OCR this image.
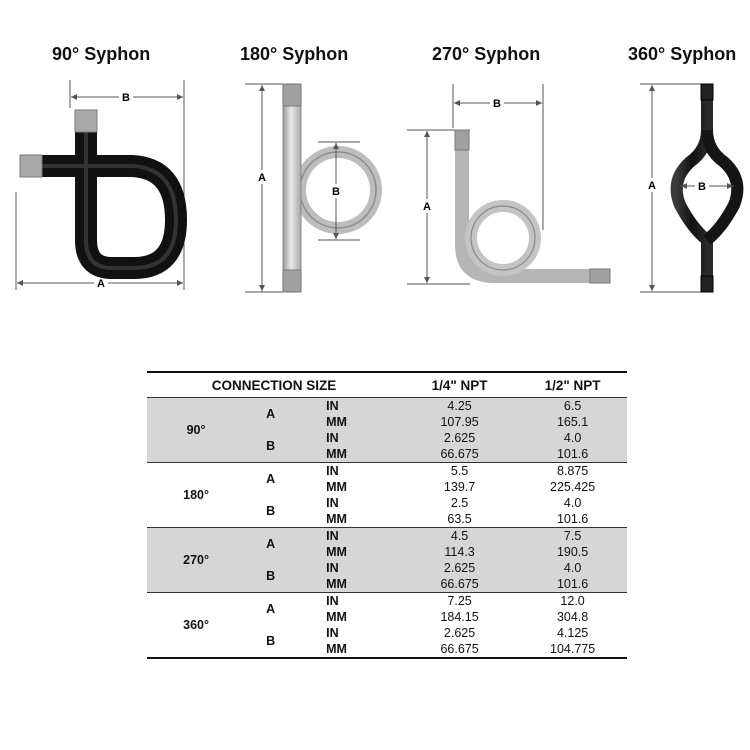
90° Syphon	180° Syphon	270° Syphon	360° Syphon
B
A
A
B
B
A
A	B
CONNECTION SIZE			1/4" NPT	1/2" NPT
90°	A	IN	4.25	6.5
		MM	107.95	165.1
	B	IN	2.625	4.0
		MM	66.675	101.6
180°	A	IN	5.5	8.875
		MM	139.7	225.425
	B	IN	2.5	4.0
		MM	63.5	101.6
270°	A	IN	4.5	7.5
		MM	114.3	190.5
	B	IN	2.625	4.0
		MM	66.675	101.6
360°	A	IN	7.25	12.0
		MM	184.15	304.8
	B	IN	2.625	4.125
		MM	66.675	104.775
